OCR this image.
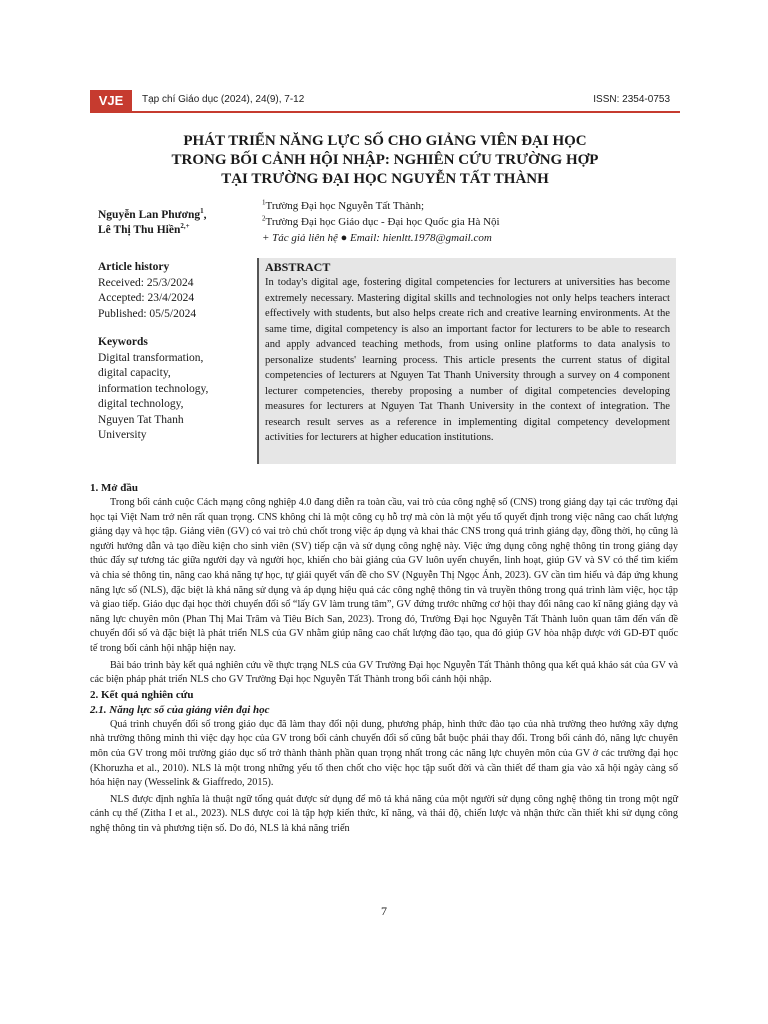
VJE	Tạp chí Giáo dục (2024), 24(9), 7-12	ISSN: 2354-0753
PHÁT TRIỂN NĂNG LỰC SỐ CHO GIẢNG VIÊN ĐẠI HỌC
TRONG BỐI CẢNH HỘI NHẬP: NGHIÊN CỨU TRƯỜNG HỢP
TẠI TRƯỜNG ĐẠI HỌC NGUYỄN TẤT THÀNH
Nguyễn Lan Phương$^1$,
Lê Thị Thu Hiền$^{2,+}$
$^1$Trường Đại học Nguyễn Tất Thành;
$^2$Trường Đại học Giáo dục - Đại học Quốc gia Hà Nội
+ Tác giả liên hệ ● Email: hienltt.1978@gmail.com
Article history
Received: 25/3/2024
Accepted: 23/4/2024
Published: 05/5/2024
Keywords
Digital transformation,
digital capacity,
information technology,
digital technology,
Nguyen Tat Thanh
University
ABSTRACT
In today's digital age, fostering digital competencies for lecturers at universities has become extremely necessary. Mastering digital skills and technologies not only helps teachers interact effectively with students, but also helps create rich and creative learning environments. At the same time, digital competency is also an important factor for lecturers to be able to research and apply advanced teaching methods, from using online platforms to data analysis to personalize students' learning process. This article presents the current status of digital competencies of lecturers at Nguyen Tat Thanh University through a survey on 4 component lecturer competencies, thereby proposing a number of digital competencies developing measures for lecturers at Nguyen Tat Thanh University in the context of integration. The research result serves as a reference in implementing digital competency development activities for lecturers at higher education institutions.
1. Mở đầu

Trong bối cảnh cuộc Cách mạng công nghiệp 4.0 đang diễn ra toàn cầu, vai trò của công nghệ số (CNS) trong giảng dạy tại các trường đại học tại Việt Nam trở nên rất quan trọng. CNS không chỉ là một công cụ hỗ trợ mà còn là một yếu tố quyết định trong việc nâng cao chất lượng giảng dạy và học tập. Giảng viên (GV) có vai trò chủ chốt trong việc áp dụng và khai thác CNS trong quá trình giảng dạy, đồng thời, họ cũng là người hướng dẫn và tạo điều kiện cho sinh viên (SV) tiếp cận và sử dụng công nghệ này. Việc ứng dụng công nghệ thông tin trong giảng dạy thúc đẩy sự tương tác giữa người dạy và người học, khiến cho bài giảng của GV luôn uyển chuyển, linh hoạt, giúp GV và SV có thể tìm kiếm và chia sẻ thông tin, nâng cao khả năng tự học, tự giải quyết vấn đề cho SV (Nguyễn Thị Ngọc Ánh, 2023). GV cần tìm hiểu và đáp ứng khung năng lực số (NLS), đặc biệt là khả năng sử dụng và áp dụng hiệu quả các công nghệ thông tin và truyền thông trong quá trình làm việc, học tập và giao tiếp. Giáo dục đại học thời chuyển đổi số “lấy GV làm trung tâm”, GV đứng trước những cơ hội thay đổi nâng cao kĩ năng giảng dạy và năng lực chuyên môn (Phan Thị Mai Trâm và Tiêu Bích San, 2023). Trong đó, Trường Đại học Nguyễn Tất Thành luôn quan tâm đến vấn đề chuyển đổi số và đặc biệt là phát triển NLS của GV nhằm giúp nâng cao chất lượng đào tạo, qua đó giúp GV hòa nhập được với GD-ĐT quốc tế trong bối cảnh hội nhập hiện nay.

Bài báo trình bày kết quả nghiên cứu về thực trạng NLS của GV Trường Đại học Nguyễn Tất Thành thông qua kết quả khảo sát của GV và các biện pháp phát triển NLS cho GV Trường Đại học Nguyễn Tất Thành trong bối cảnh hội nhập.

2. Kết quả nghiên cứu
2.1. Năng lực số của giảng viên đại học

Quá trình chuyển đổi số trong giáo dục đã làm thay đổi nội dung, phương pháp, hình thức đào tạo của nhà trường theo hướng xây dựng nhà trường thông minh thì việc dạy học của GV trong bối cảnh chuyển đổi số cũng bắt buộc phải thay đổi. Trong bối cảnh đó, năng lực chuyên môn của GV trong môi trường giáo dục số trở thành thành phần quan trọng nhất trong các năng lực chuyên môn của GV ở các trường đại học (Khoruzha et al., 2010). NLS là một trong những yếu tố then chốt cho việc học tập suốt đời và cần thiết để tham gia vào xã hội ngày càng số hóa hiện nay (Wesselink & Giaffredo, 2015).

NLS được định nghĩa là thuật ngữ tổng quát được sử dụng để mô tả khả năng của một người sử dụng công nghệ thông tin trong một ngữ cảnh cụ thể (Zitha I et al., 2023). NLS được coi là tập hợp kiến thức, kĩ năng, và thái độ, chiến lược và nhận thức cần thiết khi sử dụng công nghệ thông tin và phương tiện số. Do đó, NLS là khả năng triển

7
